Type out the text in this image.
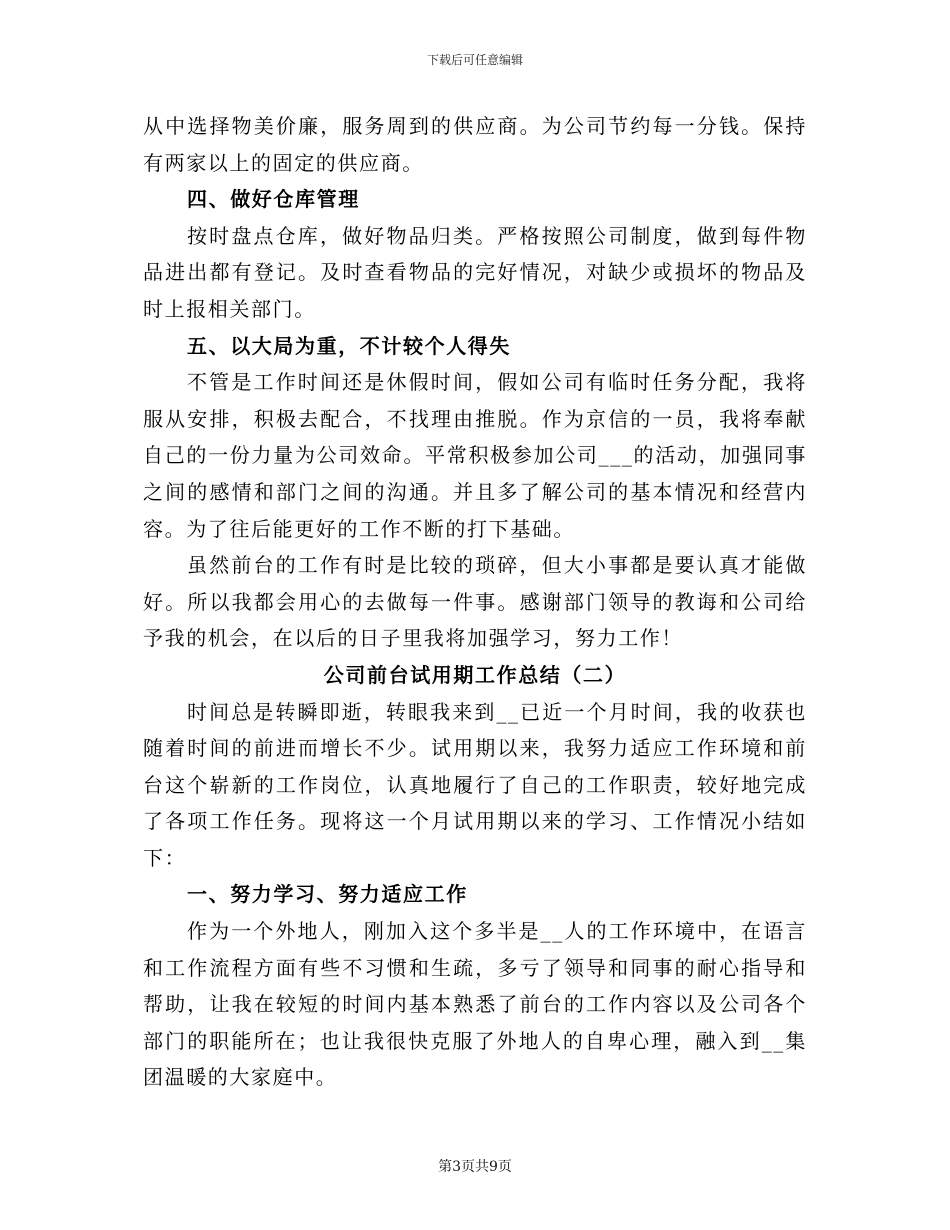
下载后可任意编辑

从中选择物美价廉，服务周到的供应商。为公司节约每一分钱。保持有两家以上的固定的供应商。

四、做好仓库管理

按时盘点仓库，做好物品归类。严格按照公司制度，做到每件物品进出都有登记。及时查看物品的完好情况，对缺少或损坏的物品及时上报相关部门。

五、以大局为重，不计较个人得失

不管是工作时间还是休假时间，假如公司有临时任务分配，我将服从安排，积极去配合，不找理由推脱。作为京信的一员，我将奉献自己的一份力量为公司效命。平常积极参加公司___的活动，加强同事之间的感情和部门之间的沟通。并且多了解公司的基本情况和经营内容。为了往后能更好的工作不断的打下基础。

虽然前台的工作有时是比较的琐碎，但大小事都是要认真才能做好。所以我都会用心的去做每一件事。感谢部门领导的教诲和公司给予我的机会，在以后的日子里我将加强学习，努力工作！

公司前台试用期工作总结（二）

时间总是转瞬即逝，转眼我来到__已近一个月时间，我的收获也随着时间的前进而增长不少。试用期以来，我努力适应工作环境和前台这个崭新的工作岗位，认真地履行了自己的工作职责，较好地完成了各项工作任务。现将这一个月试用期以来的学习、工作情况小结如下：

一、努力学习、努力适应工作

作为一个外地人，刚加入这个多半是__人的工作环境中，在语言和工作流程方面有些不习惯和生疏，多亏了领导和同事的耐心指导和帮助，让我在较短的时间内基本熟悉了前台的工作内容以及公司各个部门的职能所在；也让我很快克服了外地人的自卑心理，融入到__集团温暖的大家庭中。

第3页共9页
